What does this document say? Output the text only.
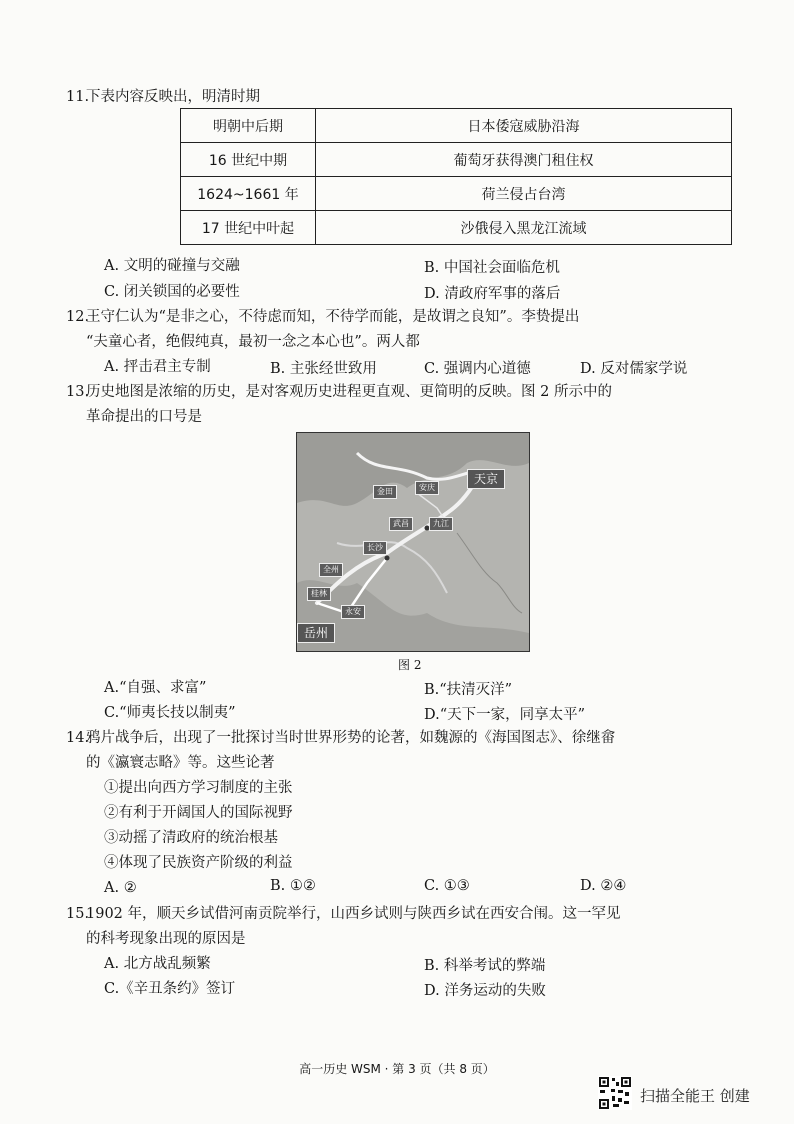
11.下表内容反映出，明清时期
明朝中后期	日本倭寇威胁沿海
16 世纪中期	葡萄牙获得澳门租住权
1624~1661 年	荷兰侵占台湾
17 世纪中叶起	沙俄侵入黑龙江流域
A. 文明的碰撞与交融	B. 中国社会面临危机
C. 闭关锁国的必要性	D. 清政府军事的落后
12.王守仁认为“是非之心，不待虑而知，不待学而能，是故谓之良知”。李贽提出
“夫童心者，绝假纯真，最初一念之本心也”。两人都
A. 抨击君主专制	B. 主张经世致用	C. 强调内心道德	D. 反对儒家学说
13.历史地图是浓缩的历史，是对客观历史进程更直观、更简明的反映。图 2 所示中的
革命提出的口号是
天京
金田	安庆
武昌	九江
长沙
全州
桂林
永安
岳州
图 2
A.“自强、求富”	B.“扶清灭洋”
C.“师夷长技以制夷”	D.“天下一家，同享太平”
14.鸦片战争后，出现了一批探讨当时世界形势的论著，如魏源的《海国图志》、徐继畲
的《瀛寰志略》等。这些论著
①提出向西方学习制度的主张
②有利于开阔国人的国际视野
③动摇了清政府的统治根基
④体现了民族资产阶级的利益
A. ②	B. ①②	C. ①③	D. ②④
15.1902 年，顺天乡试借河南贡院举行，山西乡试则与陕西乡试在西安合闱。这一罕见
的科考现象出现的原因是
A. 北方战乱频繁	B. 科举考试的弊端
C.《辛丑条约》签订	D. 洋务运动的失败
高一历史 WSM · 第 3 页（共 8 页）
扫描全能王 创建
